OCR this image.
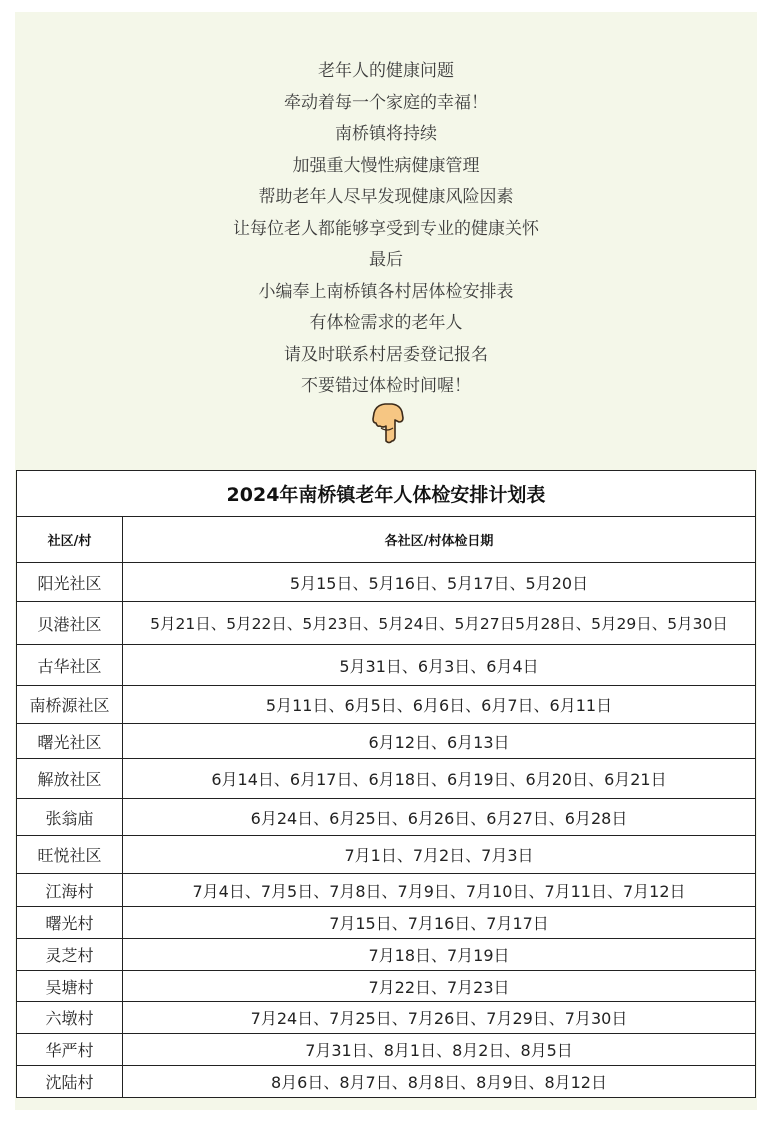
老年人的健康问题
牵动着每一个家庭的幸福！
南桥镇将持续
加强重大慢性病健康管理
帮助老年人尽早发现健康风险因素
让每位老人都能够享受到专业的健康关怀
最后
小编奉上南桥镇各村居体检安排表
有体检需求的老年人
请及时联系村居委登记报名
不要错过体检时间喔！
2024年南桥镇老年人体检安排计划表	
社区/村	各社区/村体检日期
阳光社区	5月15日、5月16日、5月17日、5月20日
贝港社区	5月21日、5月22日、5月23日、5月24日、5月27日5月28日、5月29日、5月30日
古华社区	5月31日、6月3日、6月4日
南桥源社区	5月11日、6月5日、6月6日、6月7日、6月11日
曙光社区	6月12日、6月13日
解放社区	6月14日、6月17日、6月18日、6月19日、6月20日、6月21日
张翁庙	6月24日、6月25日、6月26日、6月27日、6月28日
旺悦社区	7月1日、7月2日、7月3日
江海村	7月4日、7月5日、7月8日、7月9日、7月10日、7月11日、7月12日
曙光村	7月15日、7月16日、7月17日
灵芝村	7月18日、7月19日
吴塘村	7月22日、7月23日
六墩村	7月24日、7月25日、7月26日、7月29日、7月30日
华严村	7月31日、8月1日、8月2日、8月5日
沈陆村	8月6日、8月7日、8月8日、8月9日、8月12日
